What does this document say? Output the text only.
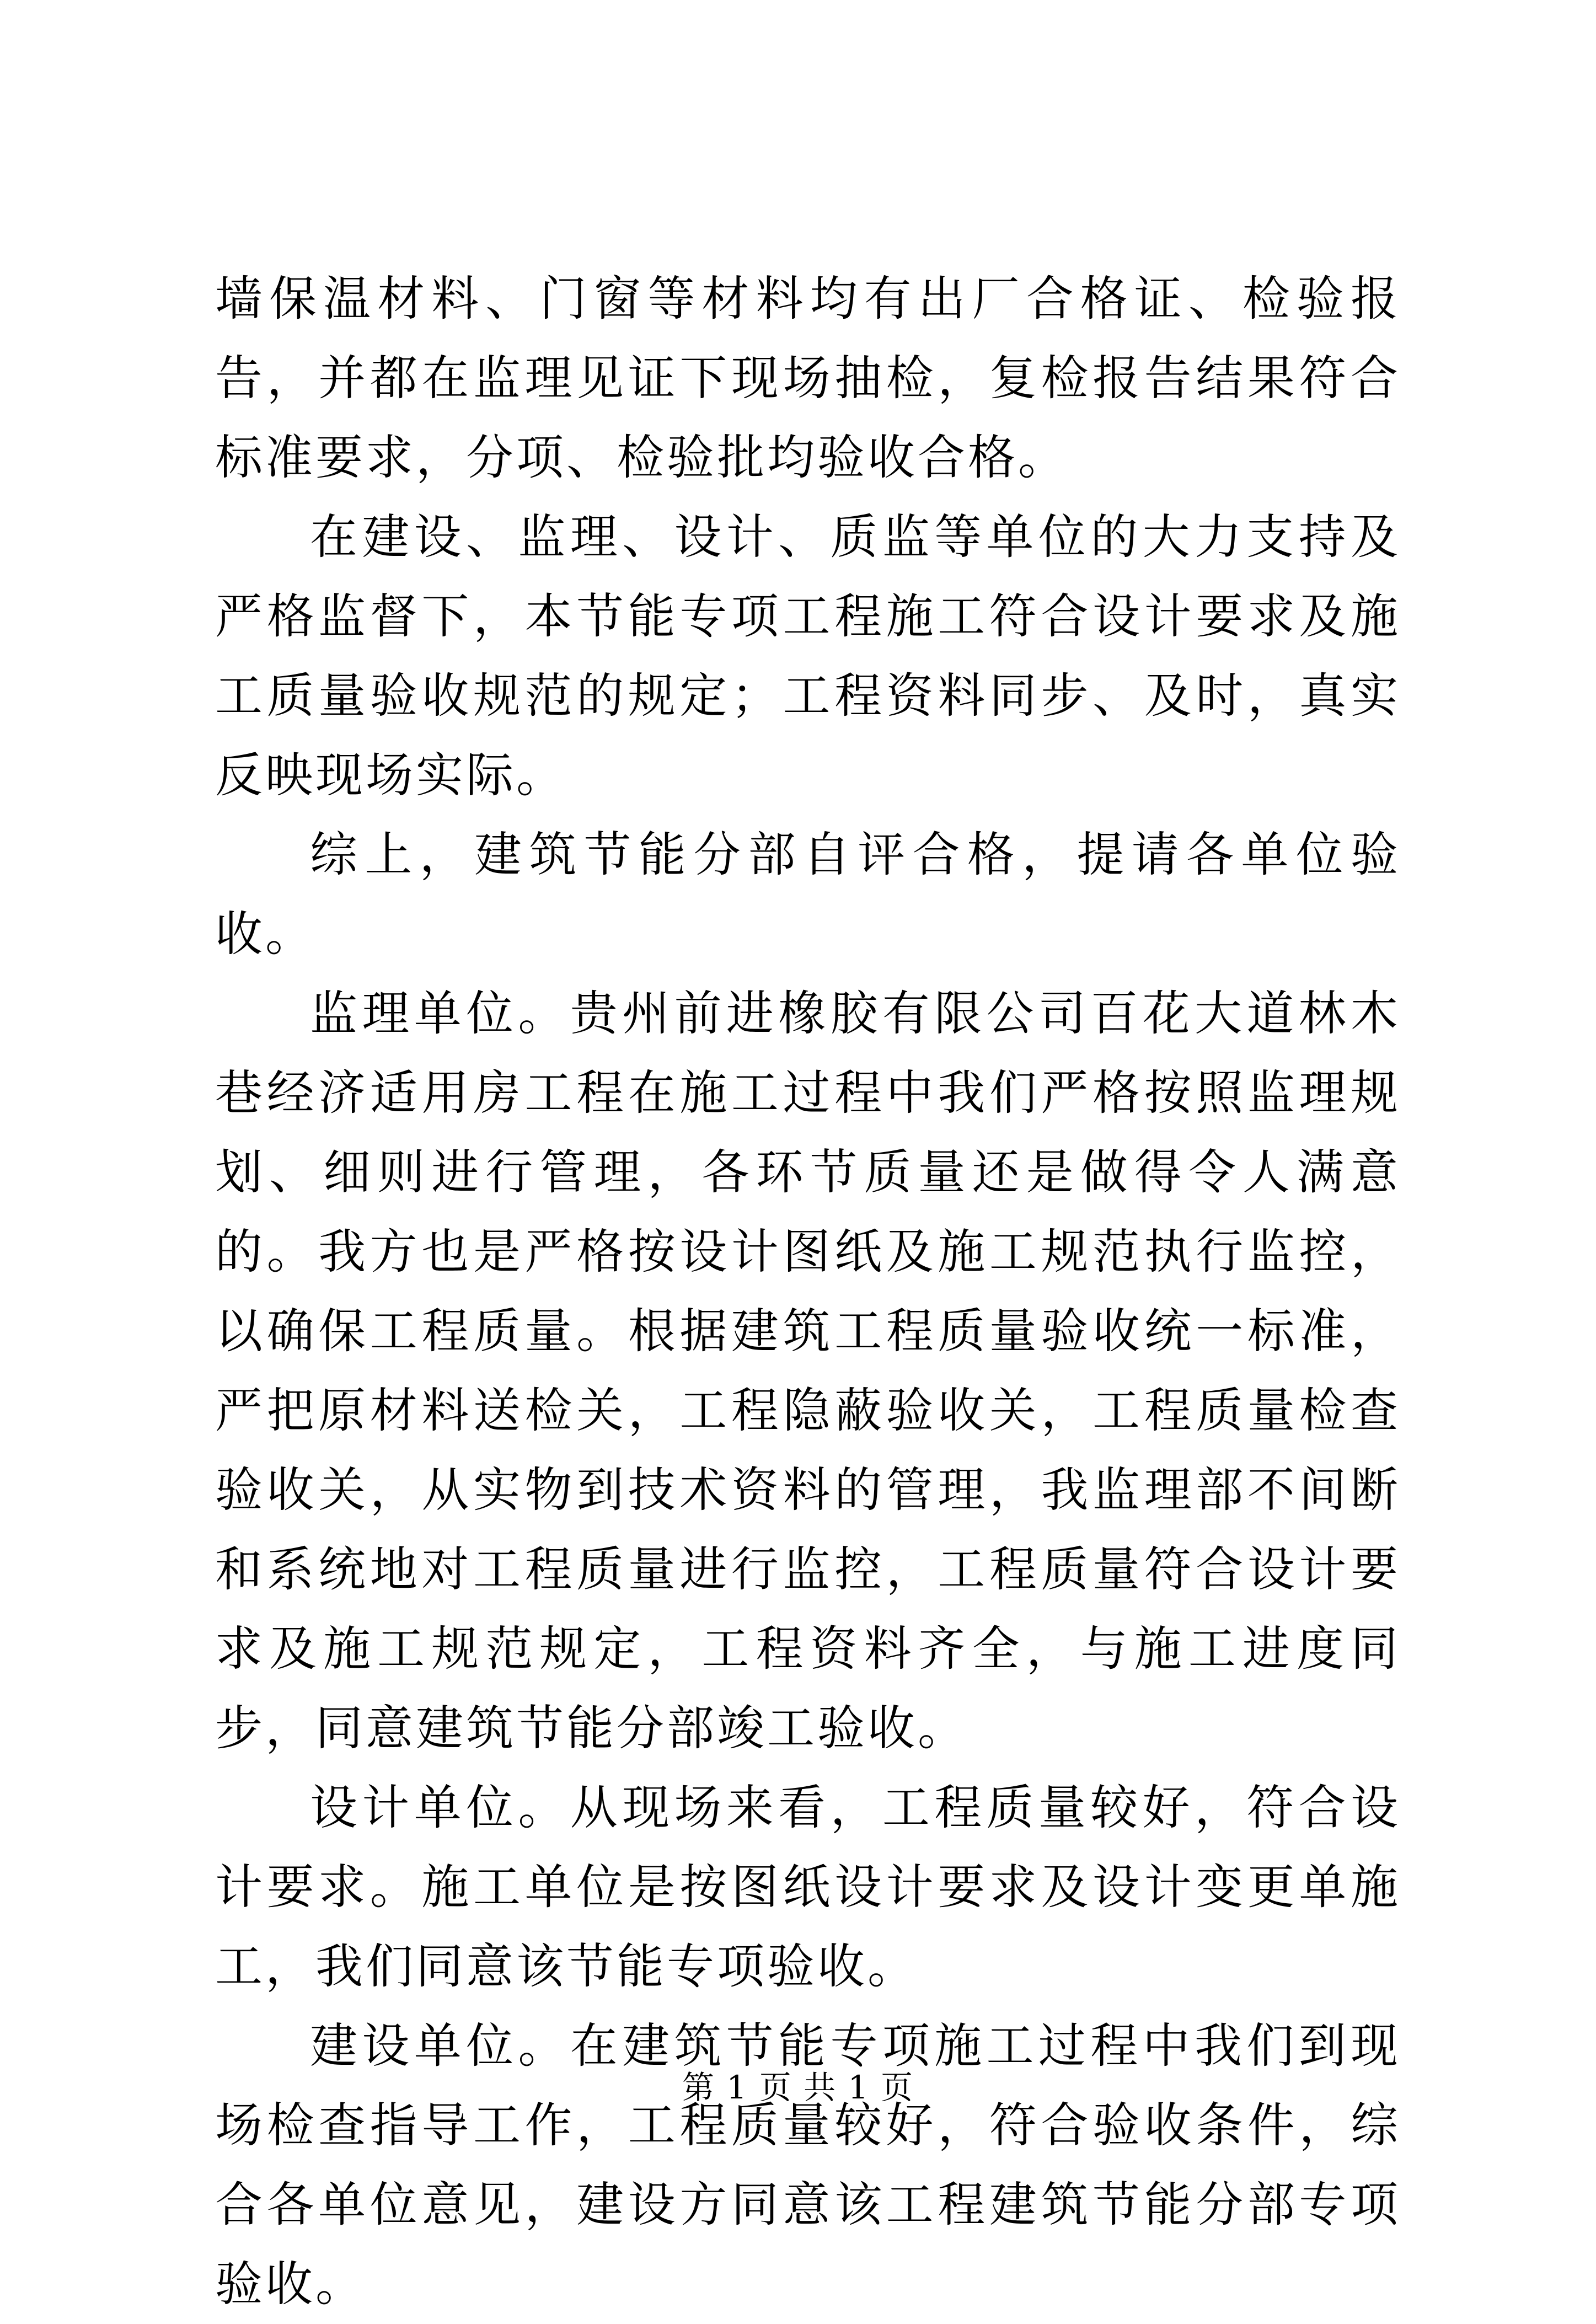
墙保温材料、门窗等材料均有出厂合格证、检验报告，并都在监理见证下现场抽检，复检报告结果符合标准要求，分项、检验批均验收合格。

在建设、监理、设计、质监等单位的大力支持及严格监督下，本节能专项工程施工符合设计要求及施工质量验收规范的规定；工程资料同步、及时，真实反映现场实际。

综上，建筑节能分部自评合格，提请各单位验收。

监理单位。贵州前进橡胶有限公司百花大道林木巷经济适用房工程在施工过程中我们严格按照监理规划、细则进行管理，各环节质量还是做得令人满意的。我方也是严格按设计图纸及施工规范执行监控，以确保工程质量。根据建筑工程质量验收统一标准，严把原材料送检关，工程隐蔽验收关，工程质量检查验收关，从实物到技术资料的管理，我监理部不间断和系统地对工程质量进行监控，工程质量符合设计要求及施工规范规定，工程资料齐全，与施工进度同步，同意建筑节能分部竣工验收。

设计单位。从现场来看，工程质量较好，符合设计要求。施工单位是按图纸设计要求及设计变更单施工，我们同意该节能专项验收。

建设单位。在建筑节能专项施工过程中我们到现场检查指导工作，工程质量较好，符合验收条件，综合各单位意见，建设方同意该工程建筑节能分部专项验收。

第 1 页 共 1 页
